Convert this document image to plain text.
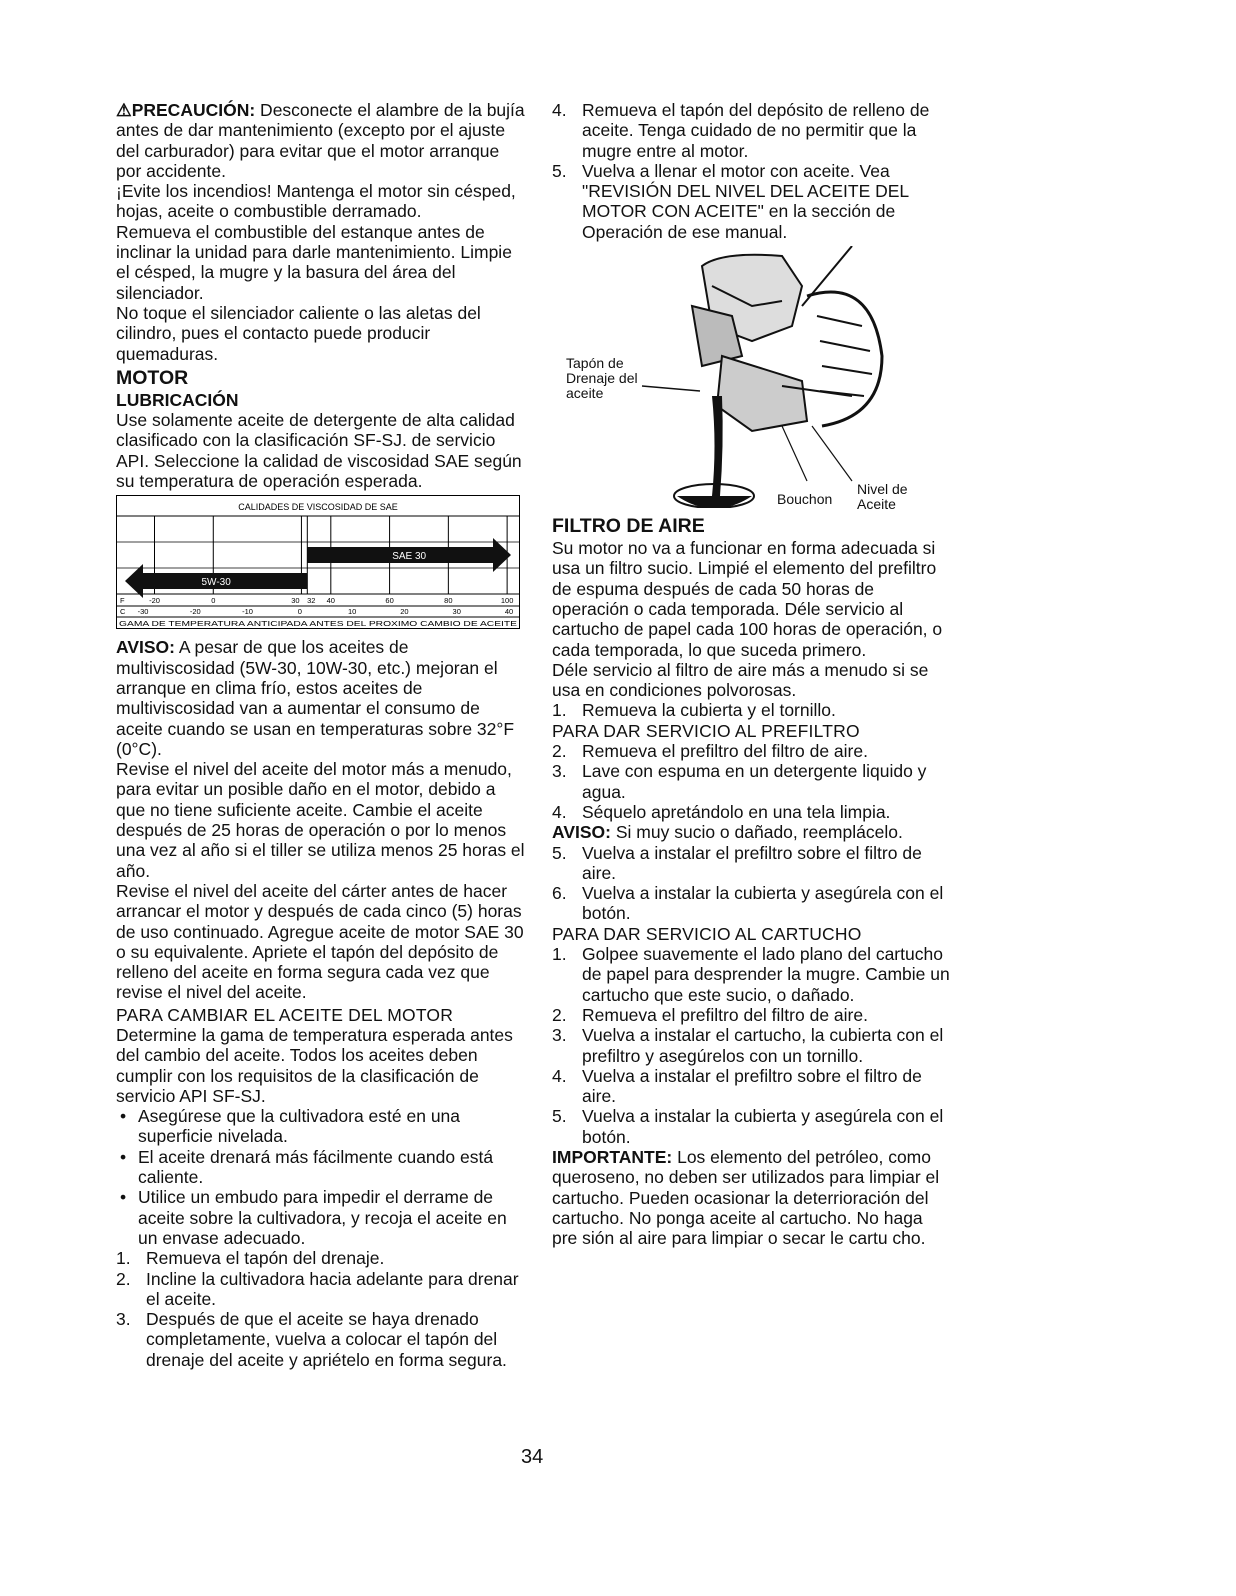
⚠PRECAUCIÓN: Desconecte el alambre de la bujía antes de dar mantenimiento (excepto por el ajuste del carburador) para evitar que el motor arranque por accidente.

¡Evite los incendios! Mantenga el motor sin césped, hojas, aceite o combustible derramado.

Remueva el combustible del estanque antes de inclinar la unidad para darle mantenimiento. Limpie el césped, la mugre y la basura del área del silenciador.

No toque el silenciador caliente o las aletas del cilindro, pues el contacto puede producir quemaduras.

MOTOR

LUBRICACIÓN

Use solamente aceite de detergente de alta calidad clasificado con la clasificación SF-SJ. de servicio API. Seleccione la calidad de viscosidad SAE según su temperatura de operación esperada.

CALIDADES DE VISCOSIDAD DE SAE
SAE 30
5W-30
F	-20	0	30 32 40	60	80	100
C -30	-20	-10	0	10	20	30	40
GAMA DE TEMPERATURA ANTICIPADA ANTES DEL PROXIMO CAMBIO DE ACEITE

AVISO: A pesar de que los aceites de multiviscosidad (5W-30, 10W-30, etc.) mejoran el arranque en clima frío, estos aceites de multiviscosidad van a aumentar el consumo de aceite cuando se usan en temperaturas sobre 32°F (0°C).

Revise el nivel del aceite del motor más a menudo, para evitar un posible daño en el motor, debido a que no tiene suficiente aceite. Cambie el aceite después de 25 horas de operación o por lo menos una vez al año si el tiller se utiliza menos 25 horas el año.

Revise el nivel del aceite del cárter antes de hacer arrancar el motor y después de cada cinco (5) horas de uso continuado. Agregue aceite de motor SAE 30 o su equivalente. Apriete el tapón del depósito de relleno del aceite en forma segura cada vez que revise el nivel del aceite.

PARA CAMBIAR EL ACEITE DEL MOTOR

Determine la gama de temperatura esperada antes del cambio del aceite. Todos los aceites deben cumplir con los requisitos de la clasificación de servicio API SF-SJ.

• Asegúrese que la cultivadora esté en una superficie nivelada.
• El aceite drenará más fácilmente cuando está caliente.
• Utilice un embudo para impedir el derrame de aceite sobre la cultivadora, y recoja el aceite en un envase adecuado.
1. Remueva el tapón del drenaje.
2. Incline la cultivadora hacia adelante para drenar el aceite.
3. Después de que el aceite se haya drenado completamente, vuelva a colocar el tapón del drenaje del aceite y apriételo en forma segura.
4. Remueva el tapón del depósito de relleno de aceite. Tenga cuidado de no permitir que la mugre entre al motor.
5. Vuelva a llenar el motor con aceite. Vea "REVISIÓN DEL NIVEL DEL ACEITE DEL MOTOR CON ACEITE" en la sección de Operación de ese manual.
Tapón de Drenaje del aceite
Bouchon
Nivel de Aceite

FILTRO DE AIRE

Su motor no va a funcionar en forma adecuada si usa un filtro sucio. Limpié el elemento del prefiltro de espuma después de cada 50 horas de operación o cada temporada. Déle servicio al cartucho de papel cada 100 horas de operación, o cada temporada, lo que suceda primero.

Déle servicio al filtro de aire más a menudo si se usa en condiciones polvorosas.

1. Remueva la cubierta y el tornillo.

PARA DAR SERVICIO AL PREFILTRO

2. Remueva el prefiltro del filtro de aire.
3. Lave con espuma en un detergente liquido y agua.
4. Séquelo apretándolo en una tela limpia.

AVISO: Si muy sucio o dañado, reemplácelo.

5. Vuelva a instalar el prefiltro sobre el filtro de aire.
6. Vuelva a instalar la cubierta y asegúrela con el botón.

PARA DAR SERVICIO AL CARTUCHO

1. Golpee suavemente el lado plano del cartucho de papel para desprender la mugre. Cambie un cartucho que este sucio, o dañado.
2. Remueva el prefiltro del filtro de aire.
3. Vuelva a instalar el cartucho, la cubierta con el prefiltro y asegúrelos con un tornillo.
4. Vuelva a instalar el prefiltro sobre el filtro de aire.
5. Vuelva a instalar la cubierta y asegúrela con el botón.

IMPORTANTE: Los elemento del petróleo, como queroseno, no deben ser utilizados para limpiar el cartucho. Pueden ocasionar la deterrioración del cartucho. No ponga aceite al cartucho. No haga pre sión al aire para limpiar o secar le cartu cho.

34
